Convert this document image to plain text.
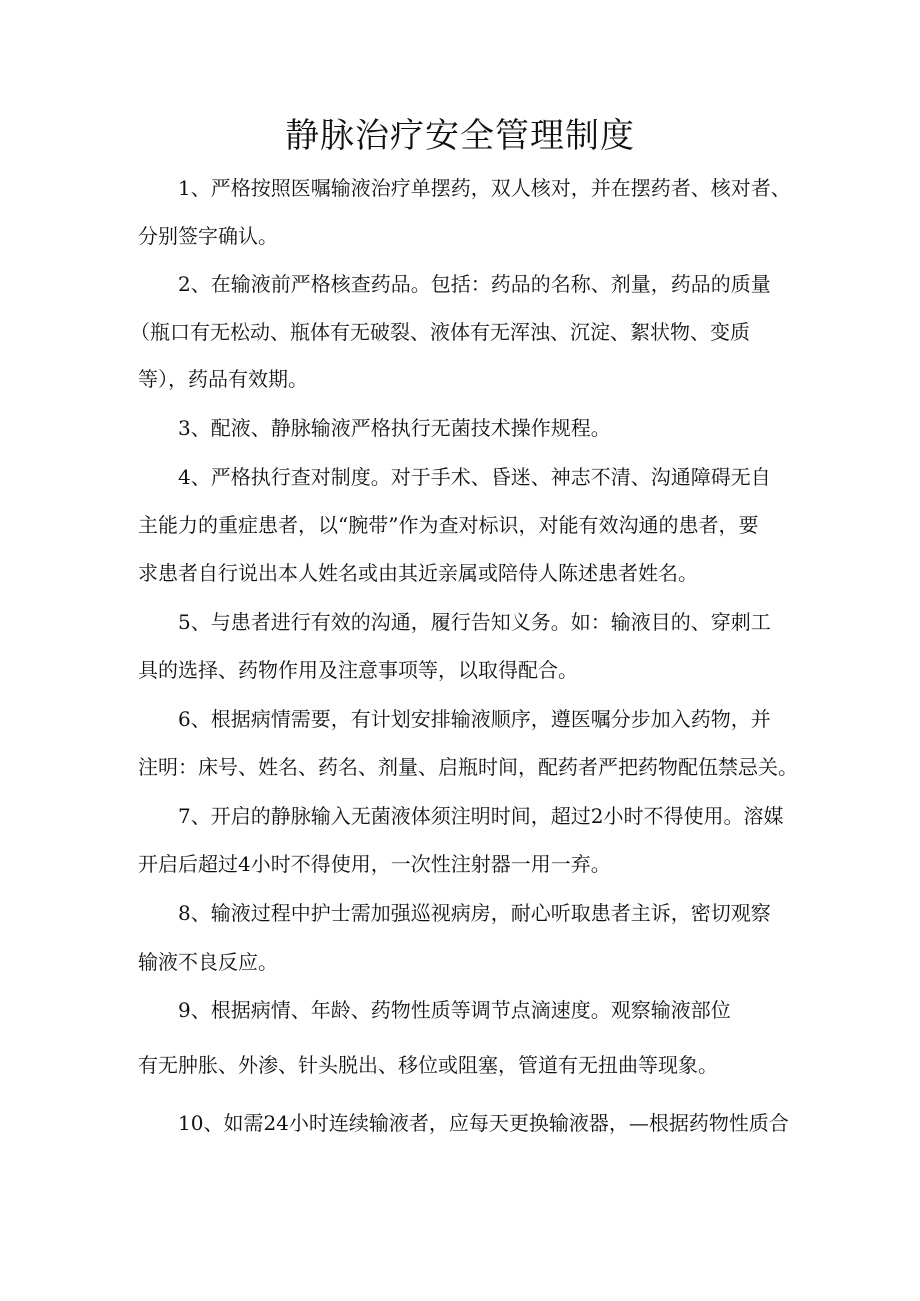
静脉治疗安全管理制度
1、严格按照医嘱输液治疗单摆药，双人核对，并在摆药者、核对者、
分别签字确认。
2、在输液前严格核查药品。包括：药品的名称、剂量，药品的质量
（瓶口有无松动、瓶体有无破裂、液体有无浑浊、沉淀、絮状物、变质
等），药品有效期。
3、配液、静脉输液严格执行无菌技术操作规程。
4、严格执行查对制度。对于手术、昏迷、神志不清、沟通障碍无自
主能力的重症患者，以“腕带”作为查对标识，对能有效沟通的患者，要
求患者自行说出本人姓名或由其近亲属或陪侍人陈述患者姓名。
5、与患者进行有效的沟通，履行告知义务。如：输液目的、穿刺工
具的选择、药物作用及注意事项等，以取得配合。
6、根据病情需要，有计划安排输液顺序，遵医嘱分步加入药物，并
注明：床号、姓名、药名、剂量、启瓶时间，配药者严把药物配伍禁忌关。
7、开启的静脉输入无菌液体须注明时间，超过2小时不得使用。溶媒
开启后超过4小时不得使用，一次性注射器一用一弃。
8、输液过程中护士需加强巡视病房，耐心听取患者主诉，密切观察
输液不良反应。
9、根据病情、年龄、药物性质等调节点滴速度。观察输液部位
有无肿胀、外渗、针头脱出、移位或阻塞，管道有无扭曲等现象。
10、如需24小时连续输液者，应每天更换输液器，—根据药物性质合
